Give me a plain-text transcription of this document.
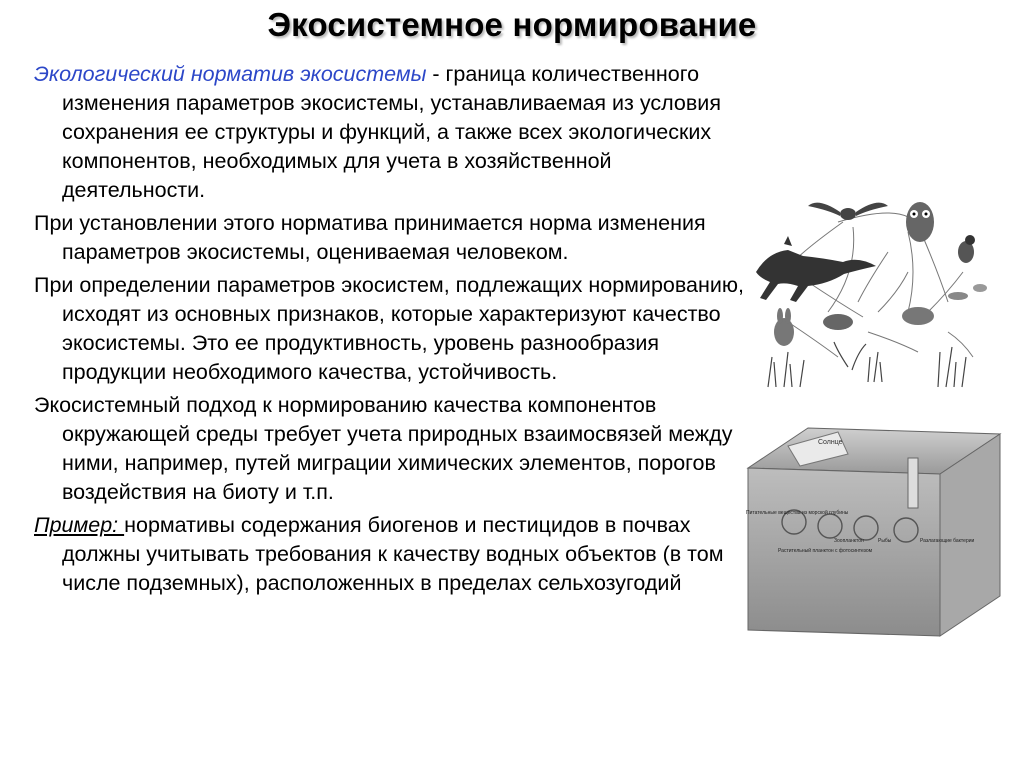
Экосистемное нормирование

Экологический норматив экосистемы - граница количественного изменения параметров экосистемы, устанавливаемая из условия сохранения ее структуры и функций, а также всех экологических компонентов, необходимых для учета в хозяйственной деятельности.

При установлении этого норматива принимается норма изменения параметров экосистемы, оцениваемая человеком.

При определении параметров экосистем, подлежащих нормированию, исходят из основных признаков, которые характеризуют качество экосистемы. Это ее продуктивность, уровень разнообразия продукции необходимого качества, устойчивость.

Экосистемный подход к нормированию качества компонентов окружающей среды требует учета природных взаимосвязей между ними, например, путей миграции химических элементов, порогов воздействия на биоту и т.п.

Пример: нормативы содержания биогенов и пестицидов в почвах должны учитывать требования к качеству водных объектов (в том числе подземных), расположенных в пределах сельхозугодий

Солнце
Питательные вещества из морской глубины
Растительный планктон с фотосинтезом
Зоопланктон	Рыбы	Разлагающие бактерии
